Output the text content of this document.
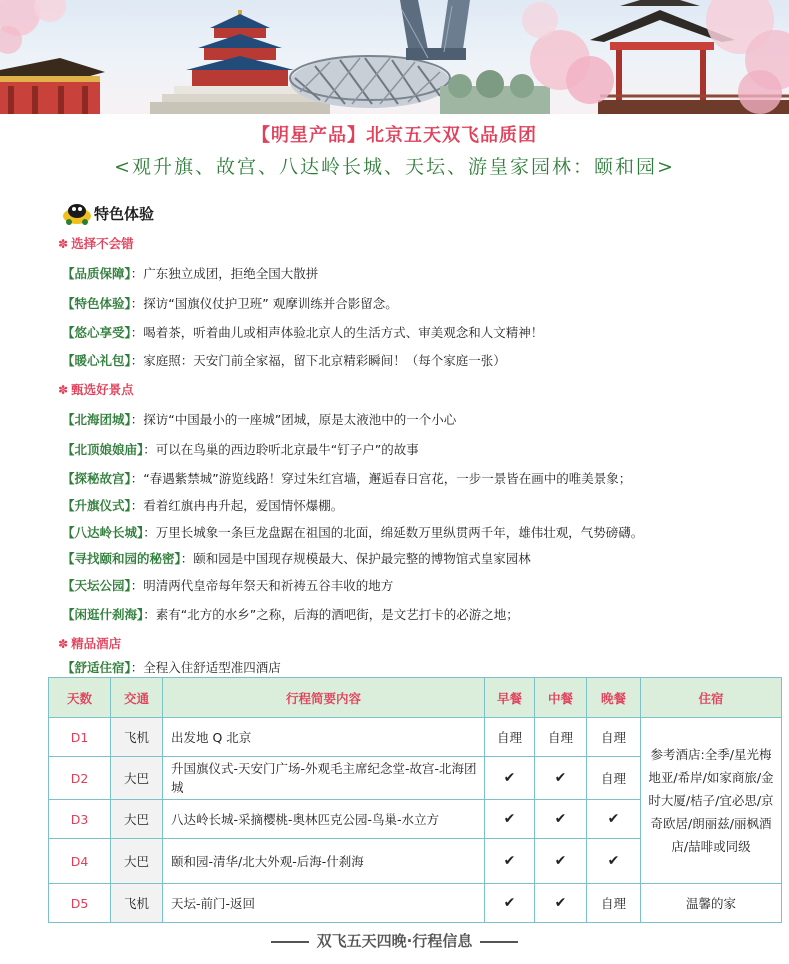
【明星产品】北京五天双飞品质团
<观升旗、故宫、八达岭长城、天坛、游皇家园林：颐和园>
特色体验
✽ 选择不会错
【品质保障】：广东独立成团，拒绝全国大散拼
【特色体验】：探访“国旗仪仗护卫班” 观摩训练并合影留念。
【悠心享受】：喝着茶，听着曲儿或相声体验北京人的生活方式、审美观念和人文精神！
【暖心礼包】：家庭照：天安门前全家福，留下北京精彩瞬间！（每个家庭一张）
✽ 甄选好景点
【北海团城】：探访“中国最小的一座城”团城，原是太液池中的一个小心
【北顶娘娘庙】：可以在鸟巢的西边聆听北京最牛“钉子户”的故事
【探秘故宫】：“春遇紫禁城”游览线路！穿过朱红宫墙，邂逅春日宫花，一步一景皆在画中的唯美景象；
【升旗仪式】：看着红旗冉冉升起，爱国情怀爆棚。
【八达岭长城】：万里长城象一条巨龙盘踞在祖国的北面，绵延数万里纵贯两千年，雄伟壮观，气势磅礴。
【寻找颐和园的秘密】：颐和园是中国现存规模最大、保护最完整的博物馆式皇家园林
【天坛公园】：明清两代皇帝每年祭天和祈祷五谷丰收的地方
【闲逛什刹海】：素有“北方的水乡”之称，后海的酒吧街，是文艺打卡的必游之地；
✽ 精品酒店
【舒适住宿】：全程入住舒适型准四酒店
天数	交通	行程简要内容	早餐	中餐	晚餐	住宿
D1	飞机	出发地 Q 北京	自理	自理	自理	参考酒店:全季/星光梅地亚/希岸/如家商旅/金时大厦/桔子/宜必思/京奇欧居/朗丽兹/丽枫酒店/喆啡或同级
D2	大巴	升国旗仪式-天安门广场-外观毛主席纪念堂-故宫-北海团城	✔	✔	自理	
D3	大巴	八达岭长城-采摘樱桃-奥林匹克公园-鸟巢-水立方	✔	✔	✔	
D4	大巴	颐和园-清华/北大外观-后海-什刹海	✔	✔	✔	
D5	飞机	天坛-前门-返回	✔	✔	自理	温馨的家
双飞五天四晚·行程信息
